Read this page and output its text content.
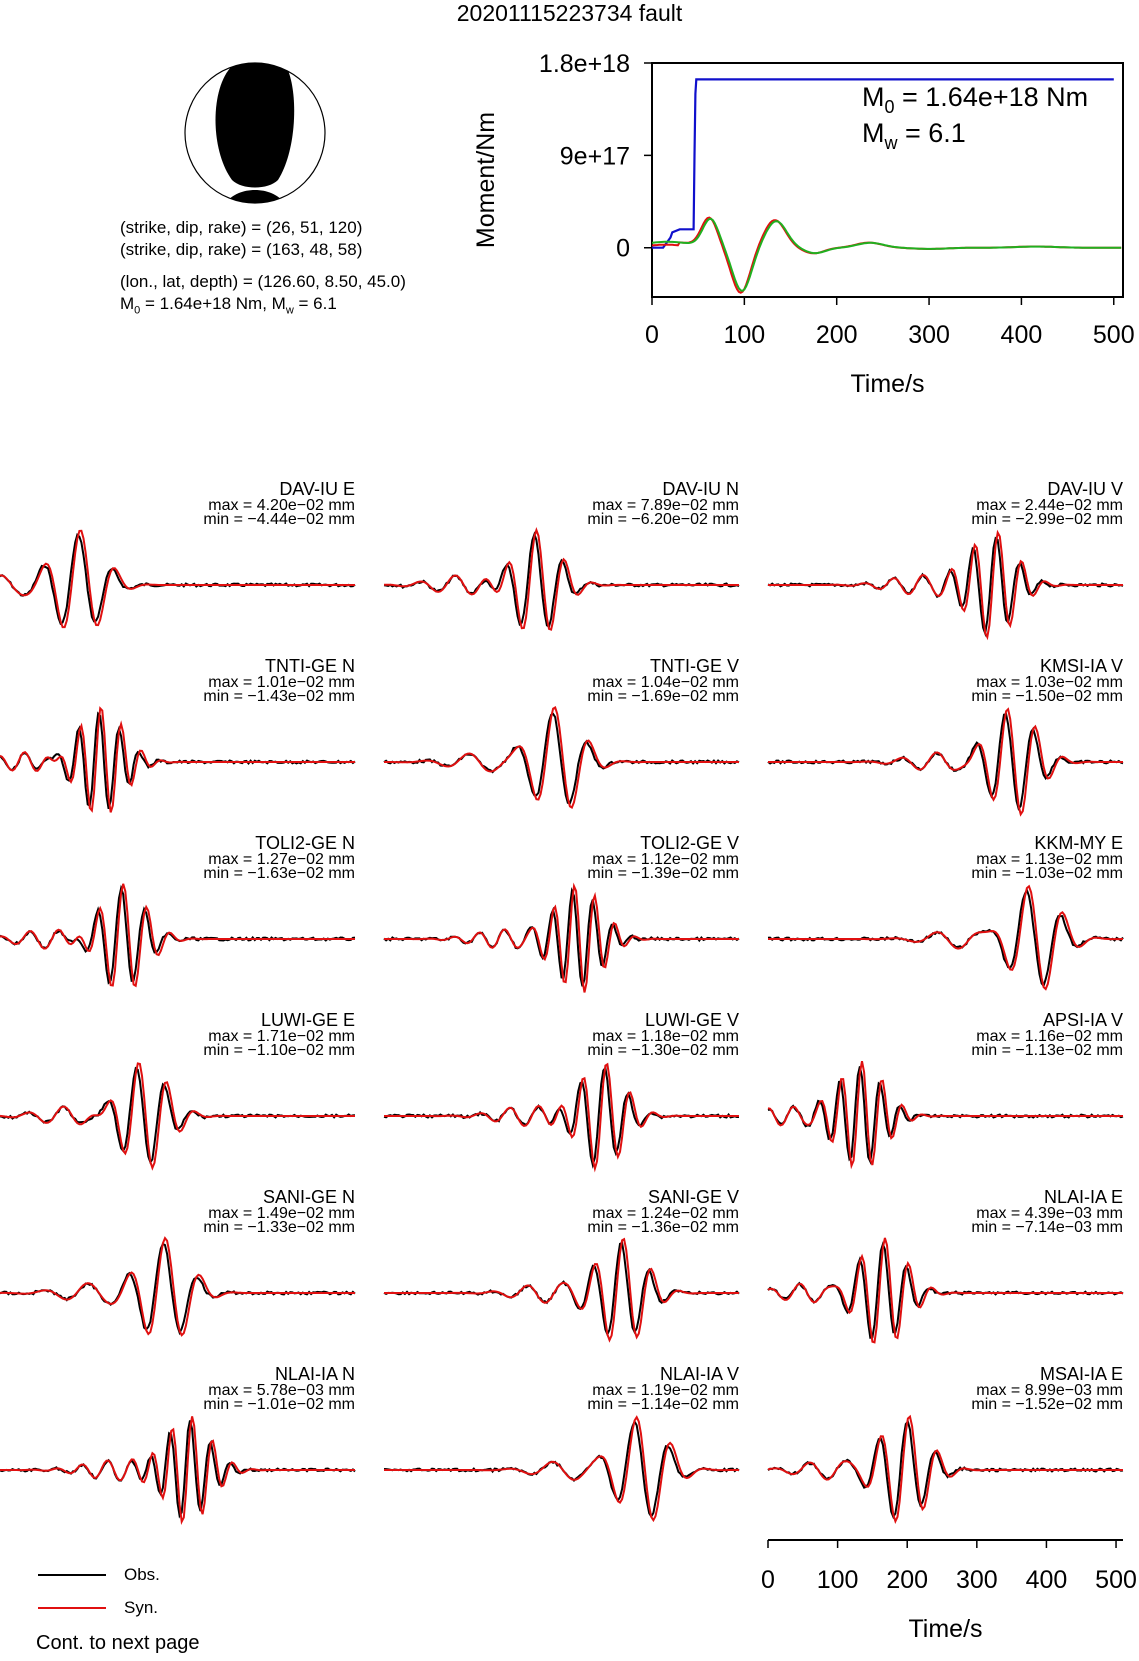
20201115223734 fault
(strike, dip, rake) = (26, 51, 120)
(strike, dip, rake) = (163, 48, 58)
(lon., lat, depth) = (126.60, 8.50, 45.0)
$M_0 = 1.64e+18$ Nm, $M_w = 6.1$
0	100 200 300 400 500
Time/s
0
9e+17
1.8e+18
Moment/Nm
$M_0 = 1.64e+18$ Nm
$M_w = 6.1$
DAV-IU E
max = 4.20e−02 mm
min = −4.44e−02 mm
DAV-IU N
max = 7.89e−02 mm
min = −6.20e−02 mm
DAV-IU V
max = 2.44e−02 mm
min = −2.99e−02 mm
TNTI-GE N
max = 1.01e−02 mm
min = −1.43e−02 mm
TNTI-GE V
max = 1.04e−02 mm
min = −1.69e−02 mm
KMSI-IA V
max = 1.03e−02 mm
min = −1.50e−02 mm
TOLI2-GE N
max = 1.27e−02 mm
min = −1.63e−02 mm
TOLI2-GE V
max = 1.12e−02 mm
min = −1.39e−02 mm
KKM-MY E
max = 1.13e−02 mm
min = −1.03e−02 mm
LUWI-GE E
max = 1.71e−02 mm
min = −1.10e−02 mm
LUWI-GE V
max = 1.18e−02 mm
min = −1.30e−02 mm
APSI-IA V
max = 1.16e−02 mm
min = −1.13e−02 mm
SANI-GE N
max = 1.49e−02 mm
min = −1.33e−02 mm
SANI-GE V
max = 1.24e−02 mm
min = −1.36e−02 mm
NLAI-IA E
max = 4.39e−03 mm
min = −7.14e−03 mm
NLAI-IA N
max = 5.78e−03 mm
min = −1.01e−02 mm
NLAI-IA V
max = 1.19e−02 mm
min = −1.14e−02 mm
MSAI-IA E
max = 8.99e−03 mm
min = −1.52e−02 mm
0 100 200 300 400 500
Time/s
Obs.
Syn.
Cont. to next page
